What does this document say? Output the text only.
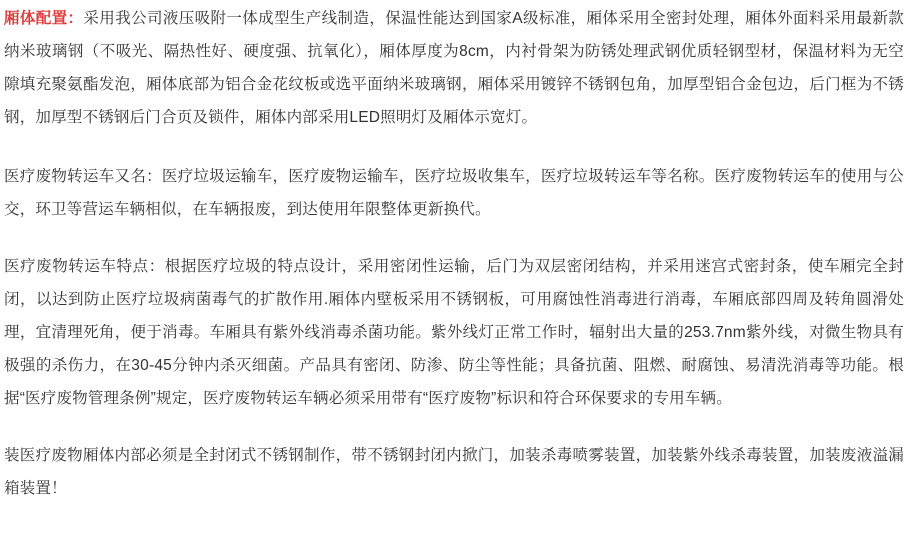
厢体配置：采用我公司液压吸附一体成型生产线制造，保温性能达到国家A级标准，厢体采用全密封处理，厢体外面料采用最新款纳米玻璃钢（不吸光、隔热性好、硬度强、抗氧化），厢体厚度为8cm，内衬骨架为防锈处理武钢优质轻钢型材，保温材料为无空隙填充聚氨酯发泡，厢体底部为铝合金花纹板或选平面纳米玻璃钢，厢体采用镀锌不锈钢包角，加厚型铝合金包边，后门框为不锈钢，加厚型不锈钢后门合页及锁件，厢体内部采用LED照明灯及厢体示宽灯。

医疗废物转运车又名：医疗垃圾运输车，医疗废物运输车，医疗垃圾收集车，医疗垃圾转运车等名称。医疗废物转运车的使用与公交，环卫等营运车辆相似，在车辆报废，到达使用年限整体更新换代。

医疗废物转运车特点：根据医疗垃圾的特点设计，采用密闭性运输，后门为双层密闭结构，并采用迷宫式密封条，使车厢完全封闭，以达到防止医疗垃圾病菌毒气的扩散作用.厢体内壁板采用不锈钢板，可用腐蚀性消毒进行消毒，车厢底部四周及转角圆滑处理，宜清理死角，便于消毒。车厢具有紫外线消毒杀菌功能。紫外线灯正常工作时，辐射出大量的253.7nm紫外线，对微生物具有极强的杀伤力，在30-45分钟内杀灭细菌。产品具有密闭、防渗、防尘等性能；具备抗菌、阻燃、耐腐蚀、易清洗消毒等功能。根据“医疗废物管理条例”规定，医疗废物转运车辆必须采用带有“医疗废物”标识和符合环保要求的专用车辆。

装医疗废物厢体内部必须是全封闭式不锈钢制作，带不锈钢封闭内掀门，加装杀毒喷雾装置，加装紫外线杀毒装置，加装废液溢漏箱装置！
